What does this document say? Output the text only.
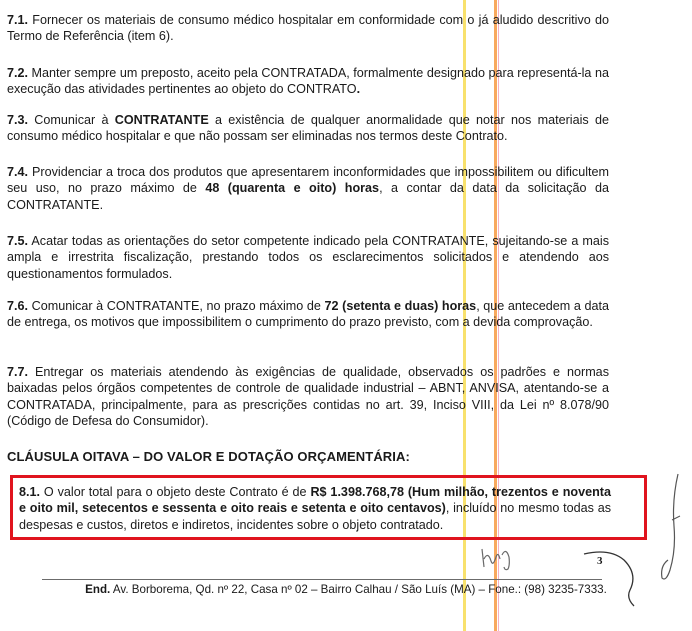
7.1. Fornecer os materiais de consumo médico hospitalar em conformidade com o já aludido descritivo do Termo de Referência (item 6).

7.2. Manter sempre um preposto, aceito pela CONTRATADA, formalmente designado para representá-la na execução das atividades pertinentes ao objeto do CONTRATO.

7.3. Comunicar à CONTRATANTE a existência de qualquer anormalidade que notar nos materiais de consumo médico hospitalar e que não possam ser eliminadas nos termos deste Contrato.

7.4. Providenciar a troca dos produtos que apresentarem inconformidades que impossibilitem ou dificultem seu uso, no prazo máximo de 48 (quarenta e oito) horas, a contar da data da solicitação da CONTRATANTE.

7.5. Acatar todas as orientações do setor competente indicado pela CONTRATANTE, sujeitando-se a mais ampla e irrestrita fiscalização, prestando todos os esclarecimentos solicitados e atendendo aos questionamentos formulados.

7.6. Comunicar à CONTRATANTE, no prazo máximo de 72 (setenta e duas) horas, que antecedem a data de entrega, os motivos que impossibilitem o cumprimento do prazo previsto, com a devida comprovação.

7.7. Entregar os materiais atendendo às exigências de qualidade, observados os padrões e normas baixadas pelos órgãos competentes de controle de qualidade industrial – ABNT, ANVISA, atentando-se a CONTRATADA, principalmente, para as prescrições contidas no art. 39, Inciso VIII, da Lei nº 8.078/90 (Código de Defesa do Consumidor).

CLÁUSULA OITAVA – DO VALOR E DOTAÇÃO ORÇAMENTÁRIA:

8.1. O valor total para o objeto deste Contrato é de R$ 1.398.768,78 (Hum milhão, trezentos e noventa e oito mil, setecentos e sessenta e oito reais e setenta e oito centavos), incluído no mesmo todas as despesas e custos, diretos e indiretos, incidentes sobre o objeto contratado.

3

End. Av. Borborema, Qd. nº 22, Casa nº 02 – Bairro Calhau / São Luís (MA) – Fone.: (98) 3235-7333.
